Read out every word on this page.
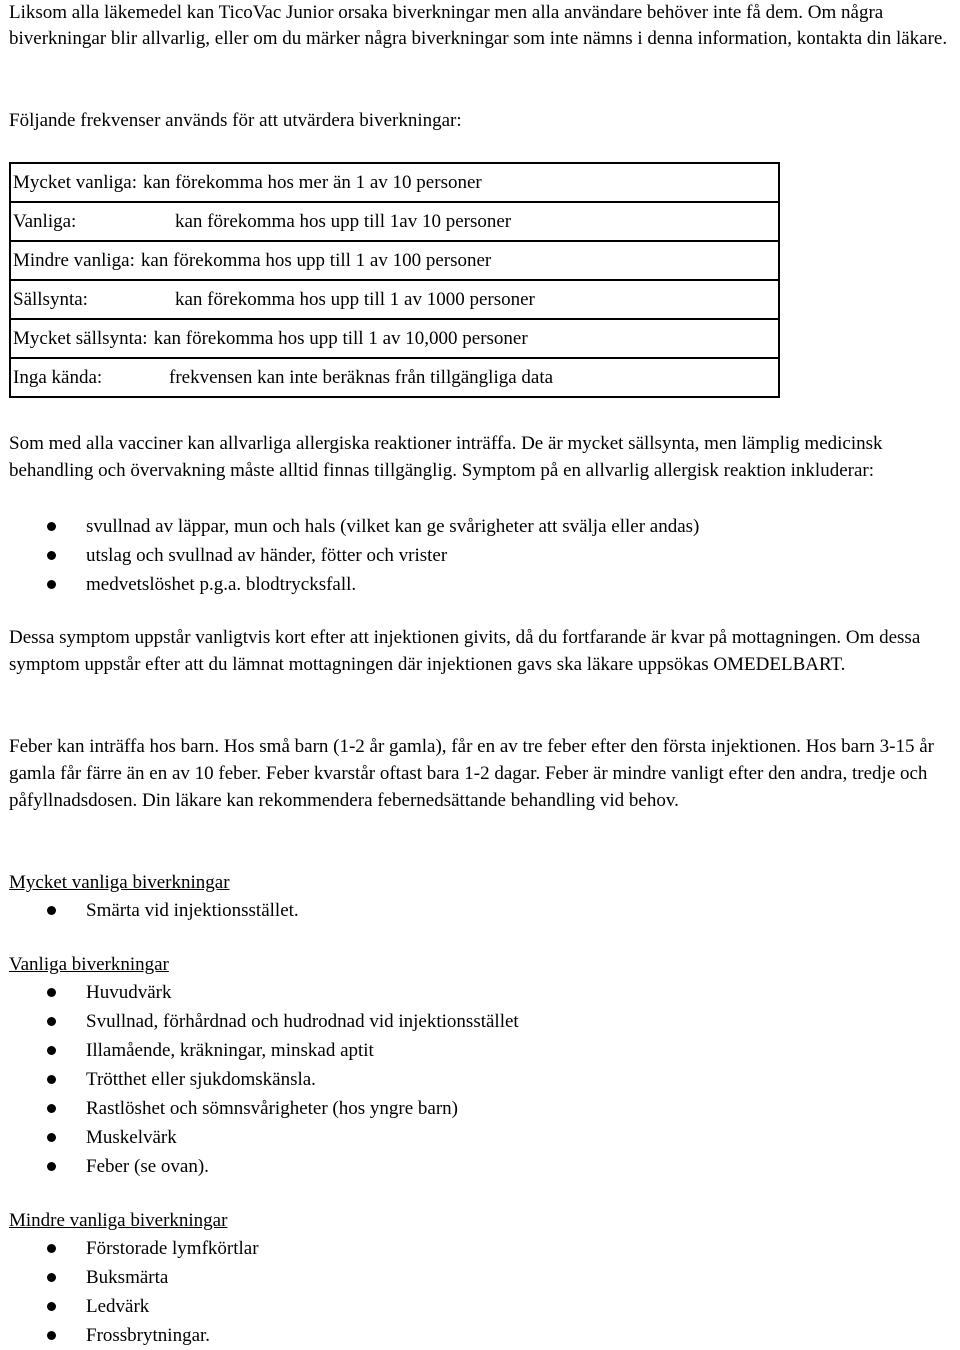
Liksom alla läkemedel kan TicoVac Junior orsaka biverkningar men alla användare behöver inte få dem. Om några biverkningar blir allvarlig, eller om du märker några biverkningar som inte nämns i denna information, kontakta din läkare.

Följande frekvenser används för att utvärdera biverkningar:

Mycket vanliga: kan förekomma hos mer än 1 av 10 personer
Vanliga:	kan förekomma hos upp till 1av 10 personer
Mindre vanliga: kan förekomma hos upp till 1 av 100 personer
Sällsynta:	kan förekomma hos upp till 1 av 1000 personer
Mycket sällsynta: kan förekomma hos upp till 1 av 10,000 personer
Inga kända:	frekvensen kan inte beräknas från tillgängliga data

Som med alla vacciner kan allvarliga allergiska reaktioner inträffa. De är mycket sällsynta, men lämplig medicinsk behandling och övervakning måste alltid finnas tillgänglig. Symptom på en allvarlig allergisk reaktion inkluderar:

svullnad av läppar, mun och hals (vilket kan ge svårigheter att svälja eller andas)
utslag och svullnad av händer, fötter och vrister
medvetslöshet p.g.a. blodtrycksfall.

Dessa symptom uppstår vanligtvis kort efter att injektionen givits, då du fortfarande är kvar på mottagningen. Om dessa symptom uppstår efter att du lämnat mottagningen där injektionen gavs ska läkare uppsökas OMEDELBART.

Feber kan inträffa hos barn. Hos små barn (1-2 år gamla), får en av tre feber efter den första injektionen. Hos barn 3-15 år gamla får färre än en av 10 feber. Feber kvarstår oftast bara 1-2 dagar. Feber är mindre vanligt efter den andra, tredje och påfyllnadsdosen. Din läkare kan rekommendera febernedsättande behandling vid behov.

Mycket vanliga biverkningar
Smärta vid injektionsstället.
Vanliga biverkningar
Huvudvärk
Svullnad, förhårdnad och hudrodnad vid injektionsstället
Illamående, kräkningar, minskad aptit
Trötthet eller sjukdomskänsla.
Rastlöshet och sömnsvårigheter (hos yngre barn)
Muskelvärk
Feber (se ovan).
Mindre vanliga biverkningar
Förstorade lymfkörtlar
Buksmärta
Ledvärk
Frossbrytningar.
